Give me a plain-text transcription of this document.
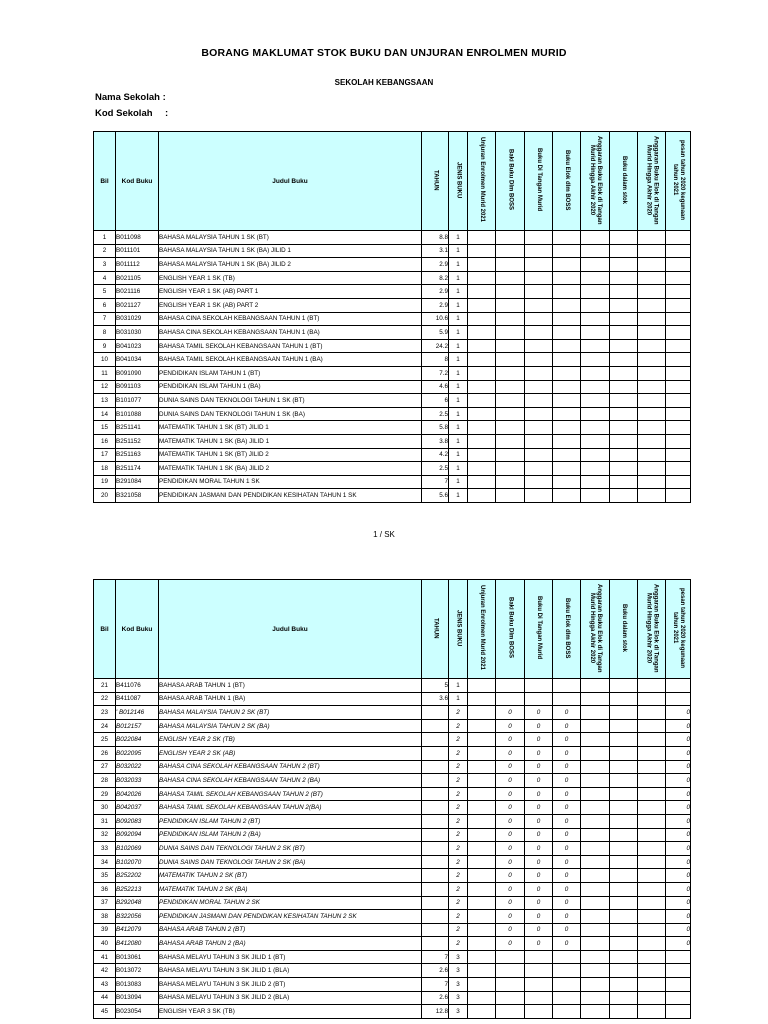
BORANG MAKLUMAT STOK BUKU DAN UNJURAN ENROLMEN MURID
SEKOLAH KEBANGSAAN
Nama Sekolah :
Kod Sekolah :
Bil	Kod Buku	Judul Buku	TAHUN	JENIS BUKU	Unjuran Enrolmen Murid 2021	Baki Buku Dlm BOSS	Buku Di Tangan Murid	Buku Elok dlm BOSS	Anggaran Buku Elok di Tangan Murid Hingga Akhir 2020	Buku dalam stok	Anggaran Buku Elok di Tangan Murid Hingga Akhir 2020	pesan tahun 2020 kegunaan tahun 2021
1	B011098	BAHASA MALAYSIA TAHUN 1 SK (BT)	8.8	1								
2	B011101	BAHASA MALAYSIA TAHUN 1 SK (BA) JILID 1	3.1	1								
3	B011112	BAHASA MALAYSIA TAHUN 1 SK (BA) JILID 2	2.9	1								
4	B021105	ENGLISH YEAR 1 SK (TB)	8.2	1								
5	B021116	ENGLISH YEAR 1 SK (AB) PART 1	2.9	1								
6	B021127	ENGLISH YEAR 1 SK (AB) PART 2	2.9	1								
7	B031029	BAHASA CINA SEKOLAH KEBANGSAAN TAHUN 1 (BT)	10.6	1								
8	B031030	BAHASA CINA SEKOLAH KEBANGSAAN TAHUN 1 (BA)	5.9	1								
9	B041023	BAHASA TAMIL SEKOLAH KEBANGSAAN TAHUN 1 (BT)	24.2	1								
10	B041034	BAHASA TAMIL SEKOLAH KEBANGSAAN TAHUN 1 (BA)	8	1								
11	B091090	PENDIDIKAN ISLAM TAHUN 1 (BT)	7.2	1								
12	B091103	PENDIDIKAN ISLAM TAHUN 1 (BA)	4.6	1								
13	B101077	DUNIA SAINS DAN TEKNOLOGI TAHUN 1 SK (BT)	6	1								
14	B101088	DUNIA SAINS DAN TEKNOLOGI TAHUN 1 SK (BA)	2.5	1								
15	B251141	MATEMATIK TAHUN 1 SK (BT) JILID 1	5.8	1								
16	B251152	MATEMATIK TAHUN 1 SK (BA) JILID 1	3.8	1								
17	B251163	MATEMATIK TAHUN 1 SK (BT) JILID 2	4.2	1								
18	B251174	MATEMATIK TAHUN 1 SK (BA) JILID 2	2.5	1								
19	B291084	PENDIDIKAN MORAL TAHUN 1 SK	7	1								
20	B321058	PENDIDIKAN JASMANI DAN PENDIDIKAN KESIHATAN TAHUN 1 SK	5.6	1								
1 / SK
Bil	Kod Buku	Judul Buku	TAHUN	JENIS BUKU	Unjuran Enrolmen Murid 2021	Baki Buku Dlm BOSS	Buku Di Tangan Murid	Buku Elok dlm BOSS	Anggaran Buku Elok di Tangan Murid Hingga Akhir 2020	Buku dalam stok	Anggaran Buku Elok di Tangan Murid Hingga Akhir 2020	pesan tahun 2020 kegunaan tahun 2021
21	B411076	BAHASA ARAB TAHUN 1 (BT)	5	1								
22	B411087	BAHASA ARAB TAHUN 1 (BA)	3.6	1								
23	' B012146	BAHASA MALAYSIA TAHUN 2 SK (BT)		2		0	0	0				0
24	B012157	BAHASA MALAYSIA TAHUN 2 SK (BA)		2		0	0	0				0
25	B022084	ENGLISH YEAR 2 SK (TB)		2		0	0	0				0
26	B022095	ENGLISH YEAR 2 SK (AB)		2		0	0	0				0
27	B032022	BAHASA CINA SEKOLAH KEBANGSAAN TAHUN 2 (BT)		2		0	0	0				0
28	B032033	BAHASA CINA SEKOLAH KEBANGSAAN TAHUN 2 (BA)		2		0	0	0				0
29	B042026	BAHASA TAMIL SEKOLAH KEBANGSAAN TAHUN 2 (BT)		2		0	0	0				0
30	B042037	BAHASA TAMIL SEKOLAH KEBANGSAAN TAHUN 2(BA)		2		0	0	0				0
31	B092083	PENDIDIKAN ISLAM TAHUN 2 (BT)		2		0	0	0				0
32	B092094	PENDIDIKAN ISLAM TAHUN 2 (BA)		2		0	0	0				0
33	B102069	DUNIA SAINS DAN TEKNOLOGI TAHUN 2 SK (BT)		2		0	0	0				0
34	B102070	DUNIA SAINS DAN TEKNOLOGI TAHUN 2 SK (BA)		2		0	0	0				0
35	B252202	MATEMATIK TAHUN 2 SK (BT)		2		0	0	0				0
36	B252213	MATEMATIK TAHUN 2 SK (BA)		2		0	0	0				0
37	B292048	PENDIDIKAN MORAL TAHUN 2 SK		2		0	0	0				0
38	B322056	PENDIDIKAN JASMANI DAN PENDIDIKAN KESIHATAN TAHUN 2 SK		2		0	0	0				0
39	B412079	BAHASA ARAB TAHUN 2 (BT)		2		0	0	0				0
40	B412080	BAHASA ARAB TAHUN 2 (BA)		2		0	0	0				0
41	B013061	BAHASA MELAYU TAHUN 3 SK JILID 1 (BT)	7	3								
42	B013072	BAHASA MELAYU TAHUN 3 SK JILID 1 (BLA)	2.6	3								
43	B013083	BAHASA MELAYU TAHUN 3 SK JILID 2 (BT)	7	3								
44	B013094	BAHASA MELAYU TAHUN 3 SK JILID 2 (BLA)	2.6	3								
45	B023054	ENGLISH YEAR 3 SK (TB)	12.8	3								
